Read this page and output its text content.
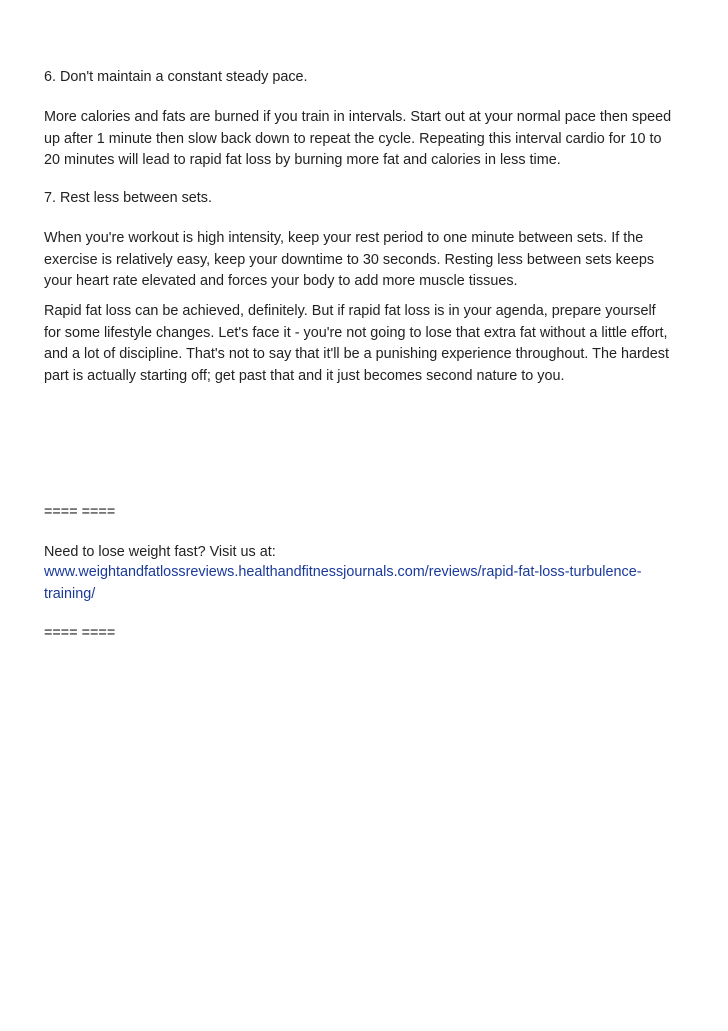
6. Don't maintain a constant steady pace.

More calories and fats are burned if you train in intervals. Start out at your normal pace then speed
up after 1 minute then slow back down to repeat the cycle. Repeating this interval cardio for 10 to
20 minutes will lead to rapid fat loss by burning more fat and calories in less time.

7. Rest less between sets.

When you're workout is high intensity, keep your rest period to one minute between sets. If the
exercise is relatively easy, keep your downtime to 30 seconds. Resting less between sets keeps
your heart rate elevated and forces your body to add more muscle tissues.

Rapid fat loss can be achieved, definitely. But if rapid fat loss is in your agenda, prepare yourself
for some lifestyle changes. Let's face it - you're not going to lose that extra fat without a little effort,
and a lot of discipline. That's not to say that it'll be a punishing experience throughout. The hardest
part is actually starting off; get past that and it just becomes second nature to you.

==== ====

Need to lose weight fast? Visit us at:

www.weightandfatlossreviews.healthandfitnessjournals.com/reviews/rapid-fat-loss-turbulence-
training/

==== ====
